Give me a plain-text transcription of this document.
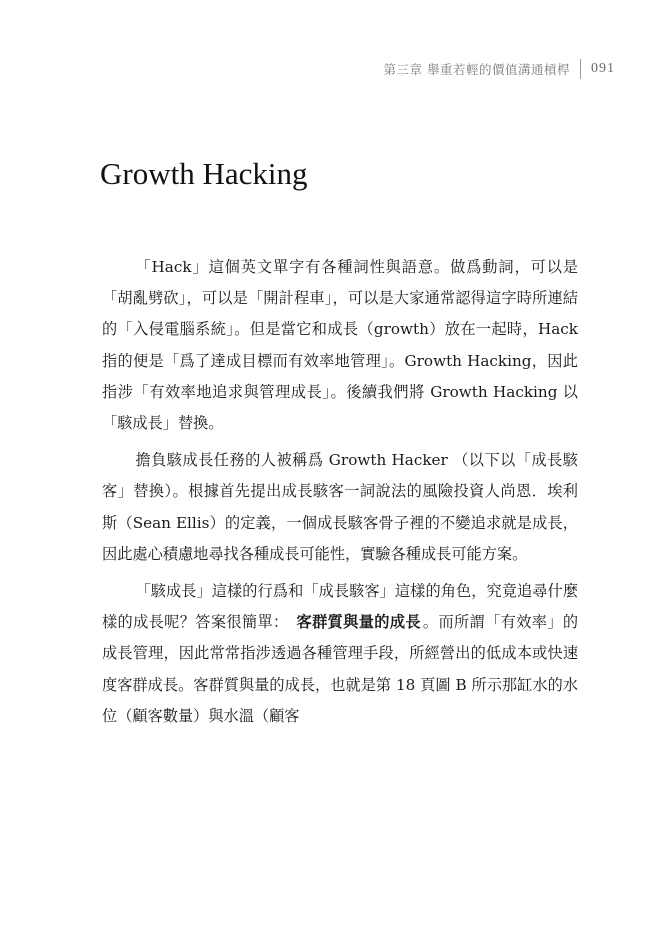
第三章 舉重若輕的價值溝通槓桿 091
Growth Hacking

「Hack」這個英文單字有各種詞性與語意。做爲動詞，可以是「胡亂劈砍」，可以是「開計程車」，可以是大家通常認得這字時所連結的「入侵電腦系統」。但是當它和成長（growth）放在一起時，Hack 指的便是「爲了達成目標而有效率地管理」。Growth Hacking，因此指涉「有效率地追求與管理成長」。後續我們將 Growth Hacking 以「駭成長」替換。

擔負駭成長任務的人被稱爲 Growth Hacker （以下以「成長駭客」替換）。根據首先提出成長駭客一詞說法的風險投資人尚恩．埃利斯（Sean Ellis）的定義，一個成長駭客骨子裡的不變追求就是成長，因此處心積慮地尋找各種成長可能性，實驗各種成長可能方案。

「駭成長」這樣的行爲和「成長駭客」這樣的角色，究竟追尋什麼樣的成長呢？答案很簡單： 客群質與量的成長 。而所謂「有效率」的成長管理，因此常常指涉透過各種管理手段，所經營出的低成本或快速度客群成長。客群質與量的成長，也就是第 18 頁圖 B 所示那缸水的水位（顧客數量）與水溫（顧客
